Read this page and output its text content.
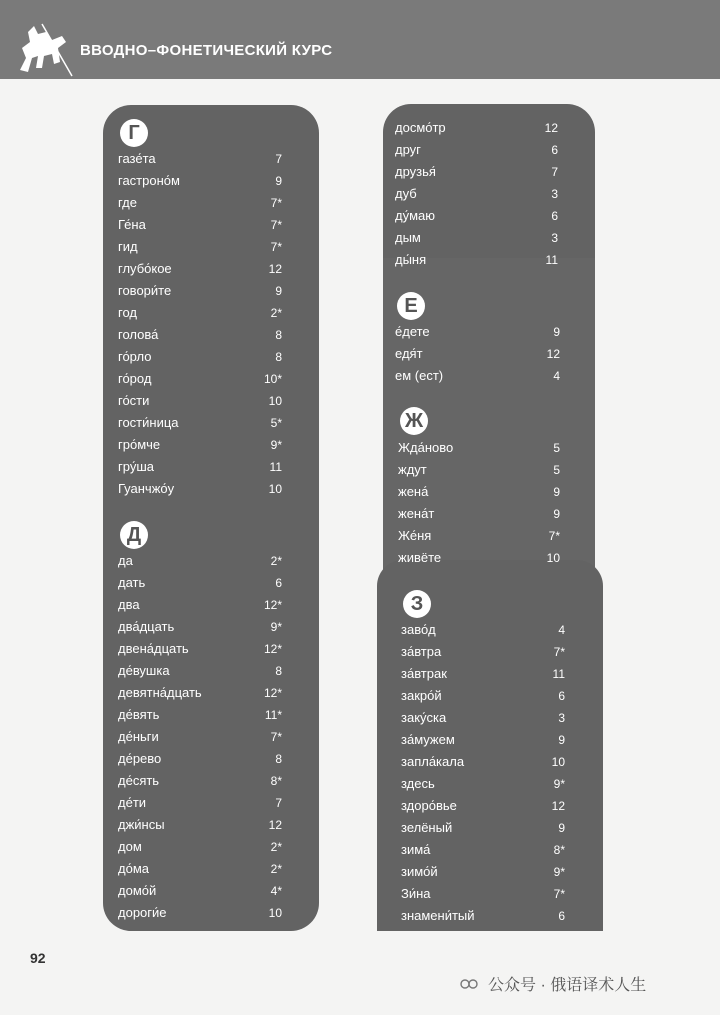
ВВОДНО–ФОНЕТИЧЕСКИЙ КУРС
Г
газе́та	7
гастроно́м	9
где	7*
Ге́на	7*
гид	7*
глубо́кое	12
говори́те	9
год	2*
голова́	8
го́рло	8
го́род	10*
го́сти	10
гости́ница	5*
гро́мче	9*
гру́ша	11
Гуанчжо́у	10
Д
да	2*
дать	6
два	12*
два́дцать	9*
двена́дцать	12*
де́вушка	8
девятна́дцать	12*
де́вять	11*
де́ньги	7*
де́рево	8
де́сять	8*
де́ти	7
джи́нсы	12
дом	2*
до́ма	2*
домо́й	4*
дороги́е	10
досмо́тр	12
друг	6
друзья́	7
дуб	3
ду́маю	6
дым	3
ды́ня	11
Е
е́дете	9
едя́т	12
ем (ест)	4
Ж
Жда́ново	5
ждут	5
жена́	9
жена́т	9
Же́ня	7*
живёте	10
З
заво́д	4
за́втра	7*
за́втрак	11
закро́й	6
заку́ска	3
за́мужем	9
запла́кала	10
здесь	9*
здоро́вье	12
зелёный	9
зима́	8*
зимо́й	9*
Зи́на	7*
знамени́тый	6
92
公众号 · 俄语译术人生
